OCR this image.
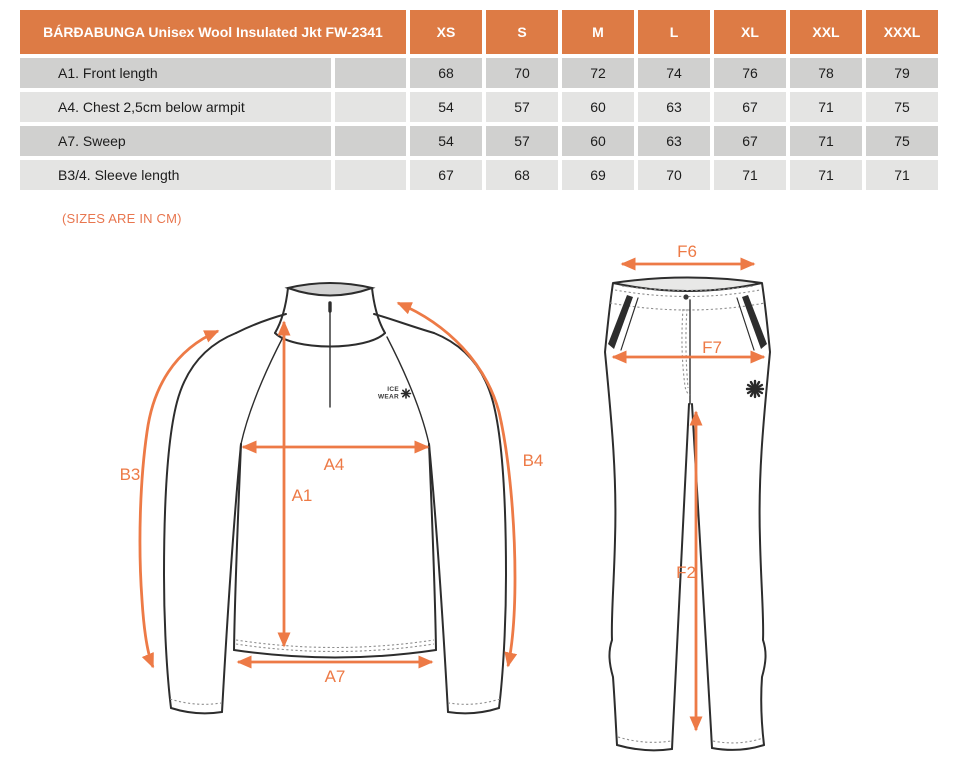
BÁRÐABUNGA Unisex Wool Insulated Jkt FW-2341	XS	S	M	L	XL	XXL	XXXL
A1. Front length	68	70	72	74	76	78	79
A4. Chest 2,5cm below armpit	54	57	60	63	67	71	75
A7. Sweep	54	57	60	63	67	71	75
B3/4. Sleeve length	67	68	69	70	71	71	71
(SIZES ARE IN CM)
ICE
WEAR
B3
A4
A1
B4
A7
F6
F7
F2
